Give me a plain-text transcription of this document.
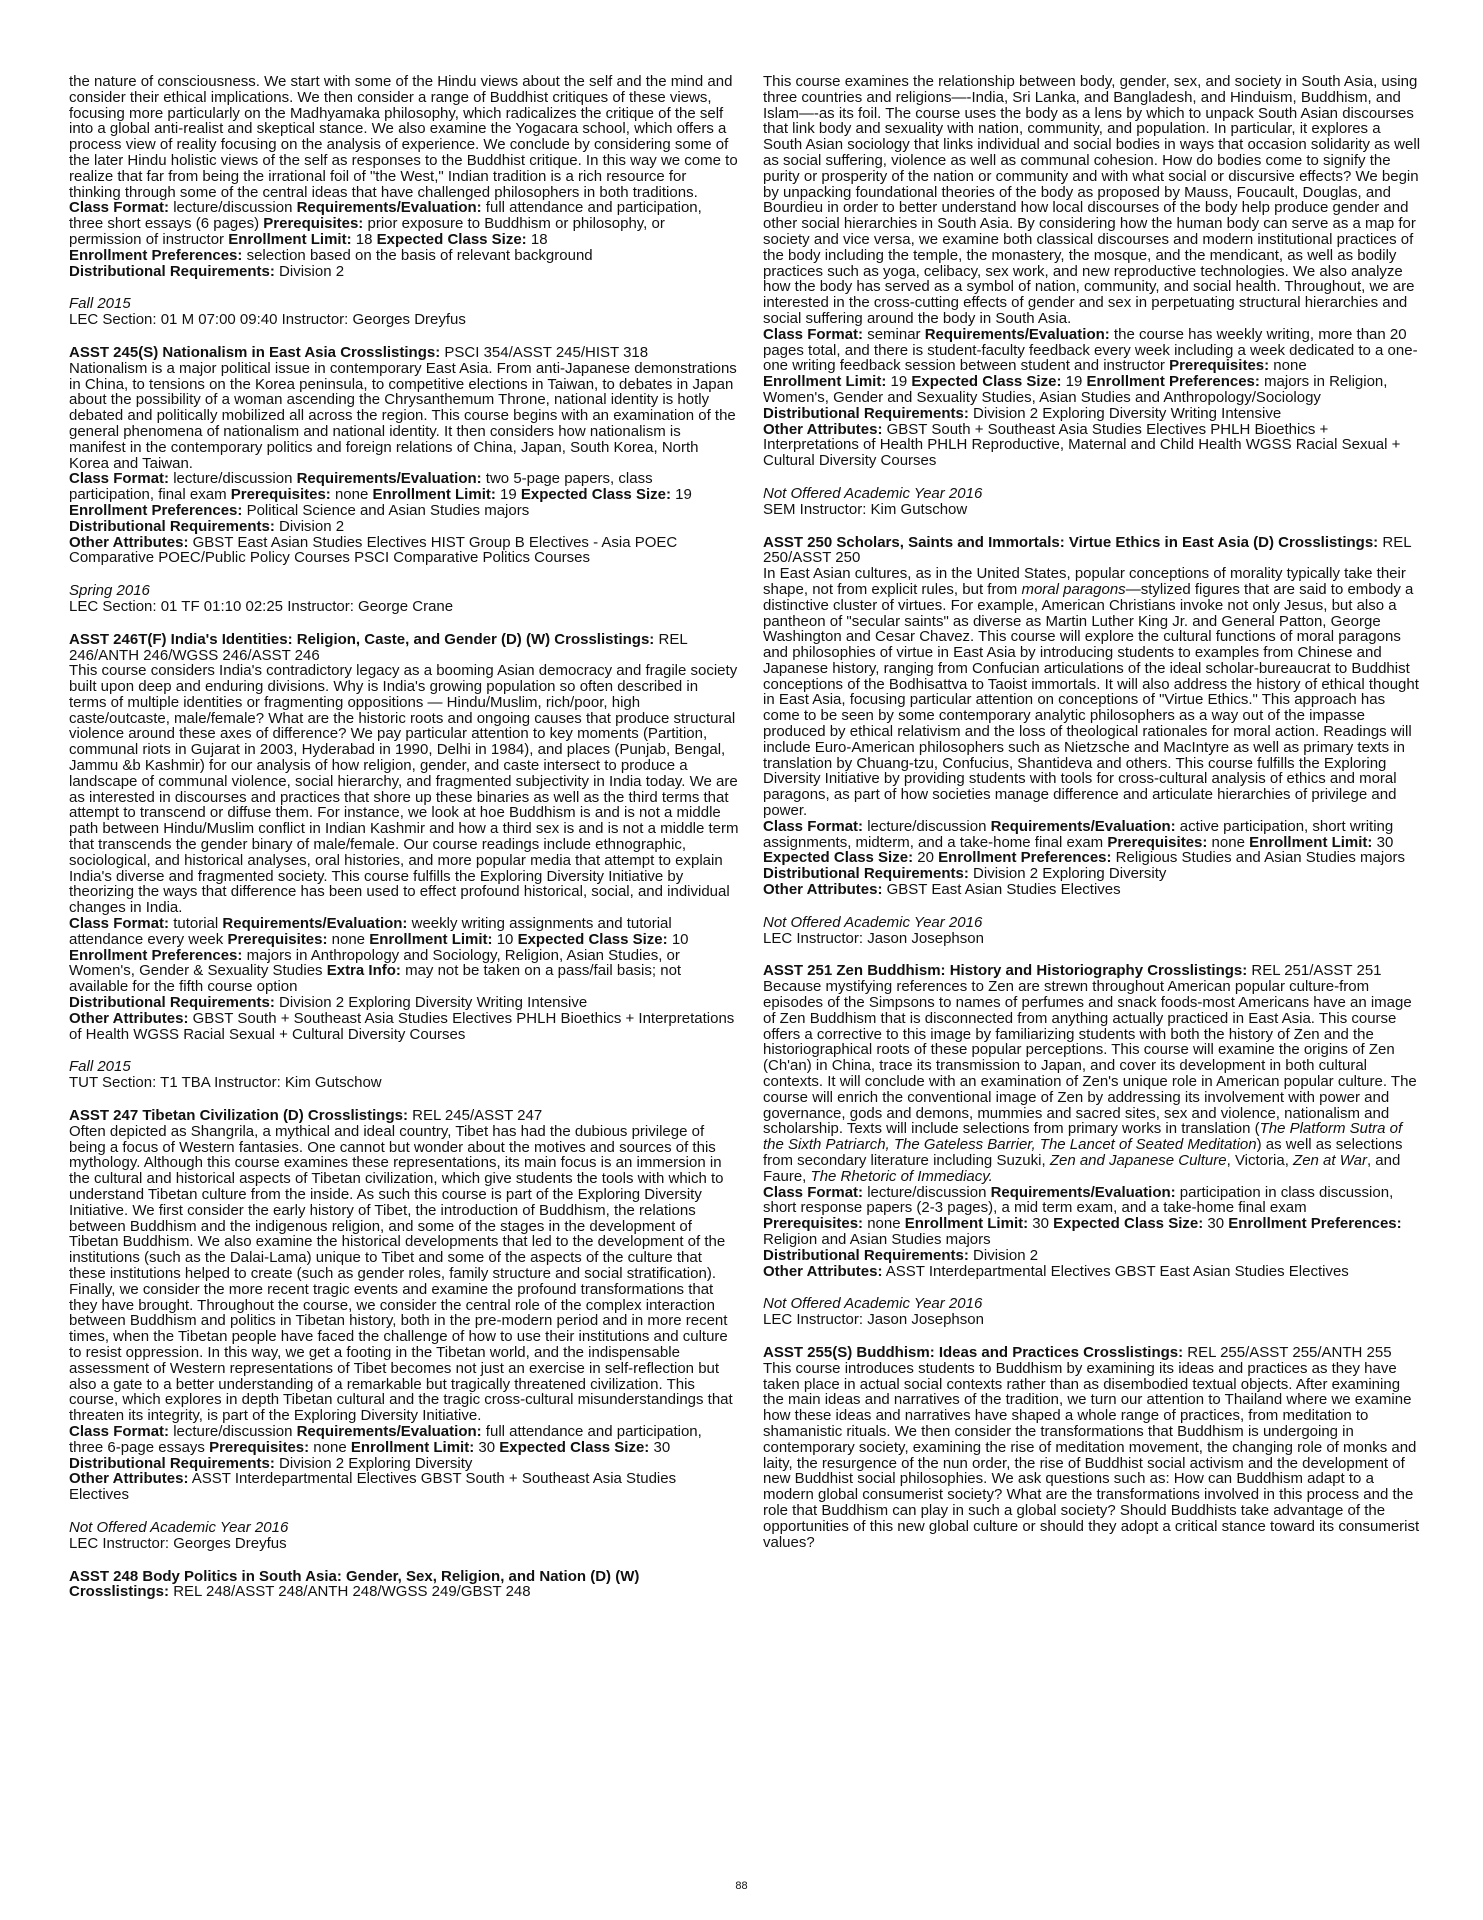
the nature of consciousness. We start with some of the Hindu views about the self and the mind and consider their ethical implications. We then consider a range of Buddhist critiques of these views, focusing more particularly on the Madhyamaka philosophy, which radicalizes the critique of the self into a global anti-realist and skeptical stance. We also examine the Yogacara school, which offers a process view of reality focusing on the analysis of experience. We conclude by considering some of the later Hindu holistic views of the self as responses to the Buddhist critique. In this way we come to realize that far from being the irrational foil of "the West," Indian tradition is a rich resource for thinking through some of the central ideas that have challenged philosophers in both traditions.

Class Format: lecture/discussion Requirements/Evaluation: full attendance and participation, three short essays (6 pages) Prerequisites: prior exposure to Buddhism or philosophy, or permission of instructor Enrollment Limit: 18 Expected Class Size: 18
Enrollment Preferences: selection based on the basis of relevant background
Distributional Requirements: Division 2

Fall 2015

LEC Section: 01 M 07:00 09:40 Instructor: Georges Dreyfus

ASST 245(S) Nationalism in East Asia Crosslistings: PSCI 354/ASST 245/HIST 318

Nationalism is a major political issue in contemporary East Asia. From anti-Japanese demonstrations in China, to tensions on the Korea peninsula, to competitive elections in Taiwan, to debates in Japan about the possibility of a woman ascending the Chrysanthemum Throne, national identity is hotly debated and politically mobilized all across the region. This course begins with an examination of the general phenomena of nationalism and national identity. It then considers how nationalism is manifest in the contemporary politics and foreign relations of China, Japan, South Korea, North Korea and Taiwan.

Class Format: lecture/discussion Requirements/Evaluation: two 5-page papers, class participation, final exam Prerequisites: none Enrollment Limit: 19 Expected Class Size: 19 Enrollment Preferences: Political Science and Asian Studies majors
Distributional Requirements: Division 2
Other Attributes: GBST East Asian Studies Electives HIST Group B Electives - Asia POEC Comparative POEC/Public Policy Courses PSCI Comparative Politics Courses

Spring 2016

LEC Section: 01 TF 01:10 02:25 Instructor: George Crane

ASST 246T(F) India's Identities: Religion, Caste, and Gender (D) (W) Crosslistings: REL 246/ANTH 246/WGSS 246/ASST 246

This course considers India's contradictory legacy as a booming Asian democracy and fragile society built upon deep and enduring divisions. Why is India's growing population so often described in terms of multiple identities or fragmenting oppositions — Hindu/Muslim, rich/poor, high caste/outcaste, male/female? What are the historic roots and ongoing causes that produce structural violence around these axes of difference? We pay particular attention to key moments (Partition, communal riots in Gujarat in 2003, Hyderabad in 1990, Delhi in 1984), and places (Punjab, Bengal, Jammu &b Kashmir) for our analysis of how religion, gender, and caste intersect to produce a landscape of communal violence, social hierarchy, and fragmented subjectivity in India today. We are as interested in discourses and practices that shore up these binaries as well as the third terms that attempt to transcend or diffuse them. For instance, we look at hoe Buddhism is and is not a middle path between Hindu/Muslim conflict in Indian Kashmir and how a third sex is and is not a middle term that transcends the gender binary of male/female. Our course readings include ethnographic, sociological, and historical analyses, oral histories, and more popular media that attempt to explain India's diverse and fragmented society. This course fulfills the Exploring Diversity Initiative by theorizing the ways that difference has been used to effect profound historical, social, and individual changes in India.

Class Format: tutorial Requirements/Evaluation: weekly writing assignments and tutorial attendance every week Prerequisites: none Enrollment Limit: 10 Expected Class Size: 10 Enrollment Preferences: majors in Anthropology and Sociology, Religion, Asian Studies, or Women's, Gender & Sexuality Studies Extra Info: may not be taken on a pass/fail basis; not available for the fifth course option
Distributional Requirements: Division 2 Exploring Diversity Writing Intensive
Other Attributes: GBST South + Southeast Asia Studies Electives PHLH Bioethics + Interpretations of Health WGSS Racial Sexual + Cultural Diversity Courses

Fall 2015

TUT Section: T1 TBA Instructor: Kim Gutschow

ASST 247 Tibetan Civilization (D) Crosslistings: REL 245/ASST 247

Often depicted as Shangrila, a mythical and ideal country, Tibet has had the dubious privilege of being a focus of Western fantasies. One cannot but wonder about the motives and sources of this mythology. Although this course examines these representations, its main focus is an immersion in the cultural and historical aspects of Tibetan civilization, which give students the tools with which to understand Tibetan culture from the inside. As such this course is part of the Exploring Diversity Initiative. We first consider the early history of Tibet, the introduction of Buddhism, the relations between Buddhism and the indigenous religion, and some of the stages in the development of Tibetan Buddhism. We also examine the historical developments that led to the development of the institutions (such as the Dalai-Lama) unique to Tibet and some of the aspects of the culture that these institutions helped to create (such as gender roles, family structure and social stratification). Finally, we consider the more recent tragic events and examine the profound transformations that they have brought. Throughout the course, we consider the central role of the complex interaction between Buddhism and politics in Tibetan history, both in the pre-modern period and in more recent times, when the Tibetan people have faced the challenge of how to use their institutions and culture to resist oppression. In this way, we get a footing in the Tibetan world, and the indispensable assessment of Western representations of Tibet becomes not just an exercise in self-reflection but also a gate to a better understanding of a remarkable but tragically threatened civilization. This course, which explores in depth Tibetan cultural and the tragic cross-cultural misunderstandings that threaten its integrity, is part of the Exploring Diversity Initiative.

Class Format: lecture/discussion Requirements/Evaluation: full attendance and participation, three 6-page essays Prerequisites: none Enrollment Limit: 30 Expected Class Size: 30
Distributional Requirements: Division 2 Exploring Diversity
Other Attributes: ASST Interdepartmental Electives GBST South + Southeast Asia Studies Electives

Not Offered Academic Year 2016

LEC Instructor: Georges Dreyfus

ASST 248 Body Politics in South Asia: Gender, Sex, Religion, and Nation (D) (W)
Crosslistings: REL 248/ASST 248/ANTH 248/WGSS 249/GBST 248

This course examines the relationship between body, gender, sex, and society in South Asia, using three countries and religions—-India, Sri Lanka, and Bangladesh, and Hinduism, Buddhism, and Islam—-as its foil. The course uses the body as a lens by which to unpack South Asian discourses that link body and sexuality with nation, community, and population. In particular, it explores a South Asian sociology that links individual and social bodies in ways that occasion solidarity as well as social suffering, violence as well as communal cohesion. How do bodies come to signify the purity or prosperity of the nation or community and with what social or discursive effects? We begin by unpacking foundational theories of the body as proposed by Mauss, Foucault, Douglas, and Bourdieu in order to better understand how local discourses of the body help produce gender and other social hierarchies in South Asia. By considering how the human body can serve as a map for society and vice versa, we examine both classical discourses and modern institutional practices of the body including the temple, the monastery, the mosque, and the mendicant, as well as bodily practices such as yoga, celibacy, sex work, and new reproductive technologies. We also analyze how the body has served as a symbol of nation, community, and social health. Throughout, we are interested in the cross-cutting effects of gender and sex in perpetuating structural hierarchies and social suffering around the body in South Asia.

Class Format: seminar Requirements/Evaluation: the course has weekly writing, more than 20 pages total, and there is student-faculty feedback every week including a week dedicated to a one-one writing feedback session between student and instructor Prerequisites: none
Enrollment Limit: 19 Expected Class Size: 19 Enrollment Preferences: majors in Religion, Women's, Gender and Sexuality Studies, Asian Studies and Anthropology/Sociology
Distributional Requirements: Division 2 Exploring Diversity Writing Intensive
Other Attributes: GBST South + Southeast Asia Studies Electives PHLH Bioethics + Interpretations of Health PHLH Reproductive, Maternal and Child Health WGSS Racial Sexual + Cultural Diversity Courses

Not Offered Academic Year 2016

SEM Instructor: Kim Gutschow

ASST 250 Scholars, Saints and Immortals: Virtue Ethics in East Asia (D) Crosslistings: REL 250/ASST 250

In East Asian cultures, as in the United States, popular conceptions of morality typically take their shape, not from explicit rules, but from moral paragons—stylized figures that are said to embody a distinctive cluster of virtues. For example, American Christians invoke not only Jesus, but also a pantheon of "secular saints" as diverse as Martin Luther King Jr. and General Patton, George Washington and Cesar Chavez. This course will explore the cultural functions of moral paragons and philosophies of virtue in East Asia by introducing students to examples from Chinese and Japanese history, ranging from Confucian articulations of the ideal scholar-bureaucrat to Buddhist conceptions of the Bodhisattva to Taoist immortals. It will also address the history of ethical thought in East Asia, focusing particular attention on conceptions of "Virtue Ethics." This approach has come to be seen by some contemporary analytic philosophers as a way out of the impasse produced by ethical relativism and the loss of theological rationales for moral action. Readings will include Euro-American philosophers such as Nietzsche and MacIntyre as well as primary texts in translation by Chuang-tzu, Confucius, Shantideva and others. This course fulfills the Exploring Diversity Initiative by providing students with tools for cross-cultural analysis of ethics and moral paragons, as part of how societies manage difference and articulate hierarchies of privilege and power.

Class Format: lecture/discussion Requirements/Evaluation: active participation, short writing assignments, midterm, and a take-home final exam Prerequisites: none Enrollment Limit: 30 Expected Class Size: 20 Enrollment Preferences: Religious Studies and Asian Studies majors
Distributional Requirements: Division 2 Exploring Diversity
Other Attributes: GBST East Asian Studies Electives

Not Offered Academic Year 2016

LEC Instructor: Jason Josephson

ASST 251 Zen Buddhism: History and Historiography Crosslistings: REL 251/ASST 251

Because mystifying references to Zen are strewn throughout American popular culture-from episodes of the Simpsons to names of perfumes and snack foods-most Americans have an image of Zen Buddhism that is disconnected from anything actually practiced in East Asia. This course offers a corrective to this image by familiarizing students with both the history of Zen and the historiographical roots of these popular perceptions. This course will examine the origins of Zen (Ch'an) in China, trace its transmission to Japan, and cover its development in both cultural contexts. It will conclude with an examination of Zen's unique role in American popular culture. The course will enrich the conventional image of Zen by addressing its involvement with power and governance, gods and demons, mummies and sacred sites, sex and violence, nationalism and scholarship. Texts will include selections from primary works in translation (The Platform Sutra of the Sixth Patriarch, The Gateless Barrier, The Lancet of Seated Meditation) as well as selections from secondary literature including Suzuki, Zen and Japanese Culture, Victoria, Zen at War, and Faure, The Rhetoric of Immediacy.

Class Format: lecture/discussion Requirements/Evaluation: participation in class discussion, short response papers (2-3 pages), a mid term exam, and a take-home final exam
Prerequisites: none Enrollment Limit: 30 Expected Class Size: 30 Enrollment Preferences: Religion and Asian Studies majors
Distributional Requirements: Division 2
Other Attributes: ASST Interdepartmental Electives GBST East Asian Studies Electives

Not Offered Academic Year 2016

LEC Instructor: Jason Josephson

ASST 255(S) Buddhism: Ideas and Practices Crosslistings: REL 255/ASST 255/ANTH 255

This course introduces students to Buddhism by examining its ideas and practices as they have taken place in actual social contexts rather than as disembodied textual objects. After examining the main ideas and narratives of the tradition, we turn our attention to Thailand where we examine how these ideas and narratives have shaped a whole range of practices, from meditation to shamanistic rituals. We then consider the transformations that Buddhism is undergoing in contemporary society, examining the rise of meditation movement, the changing role of monks and laity, the resurgence of the nun order, the rise of Buddhist social activism and the development of new Buddhist social philosophies. We ask questions such as: How can Buddhism adapt to a modern global consumerist society? What are the transformations involved in this process and the role that Buddhism can play in such a global society? Should Buddhists take advantage of the opportunities of this new global culture or should they adopt a critical stance toward its consumerist values?

88
